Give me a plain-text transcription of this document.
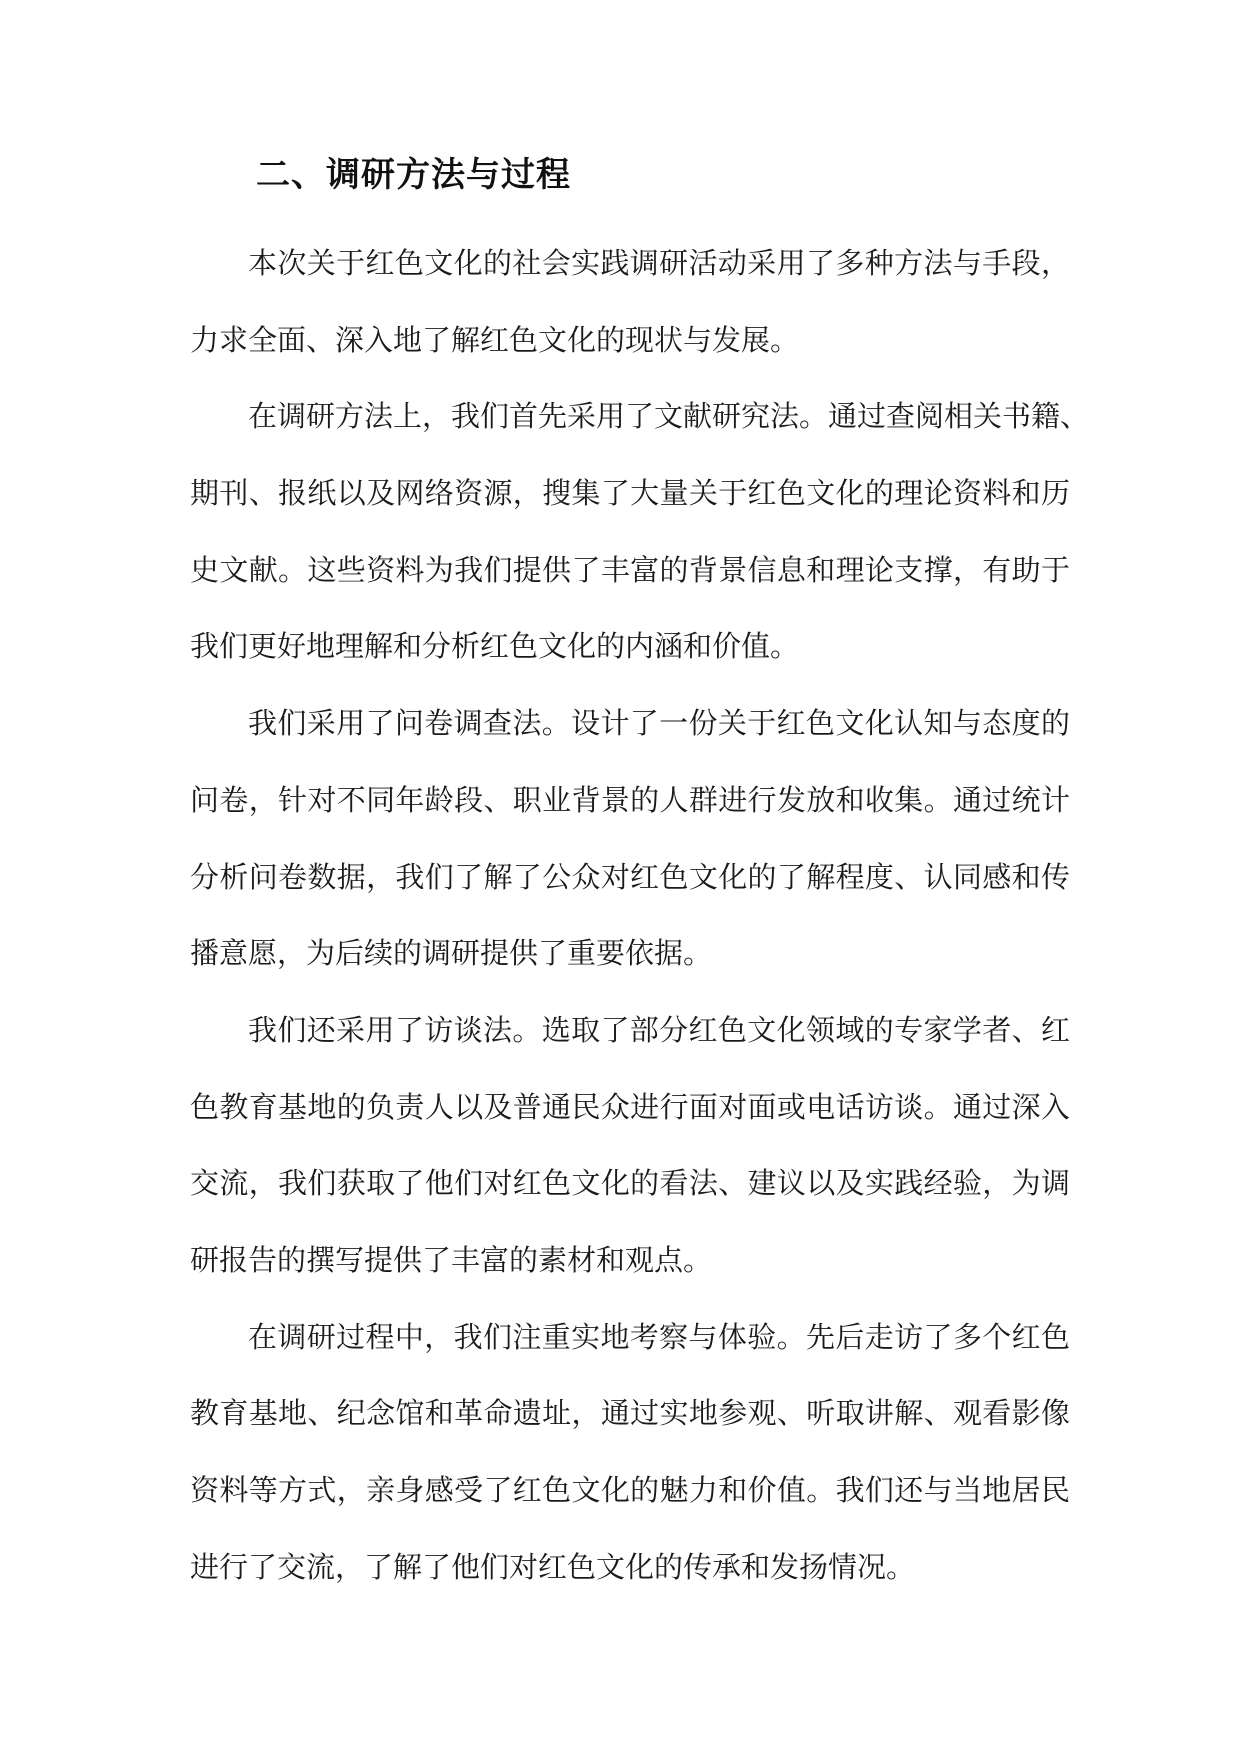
二、调研方法与过程
本次关于红色文化的社会实践调研活动采用了多种方法与手段，
力求全面、深入地了解红色文化的现状与发展。
在调研方法上，我们首先采用了文献研究法。通过查阅相关书籍、
期刊、报纸以及网络资源，搜集了大量关于红色文化的理论资料和历
史文献。这些资料为我们提供了丰富的背景信息和理论支撑，有助于
我们更好地理解和分析红色文化的内涵和价值。
我们采用了问卷调查法。设计了一份关于红色文化认知与态度的
问卷，针对不同年龄段、职业背景的人群进行发放和收集。通过统计
分析问卷数据，我们了解了公众对红色文化的了解程度、认同感和传
播意愿，为后续的调研提供了重要依据。
我们还采用了访谈法。选取了部分红色文化领域的专家学者、红
色教育基地的负责人以及普通民众进行面对面或电话访谈。通过深入
交流，我们获取了他们对红色文化的看法、建议以及实践经验，为调
研报告的撰写提供了丰富的素材和观点。
在调研过程中，我们注重实地考察与体验。先后走访了多个红色
教育基地、纪念馆和革命遗址，通过实地参观、听取讲解、观看影像
资料等方式，亲身感受了红色文化的魅力和价值。我们还与当地居民
进行了交流，了解了他们对红色文化的传承和发扬情况。
